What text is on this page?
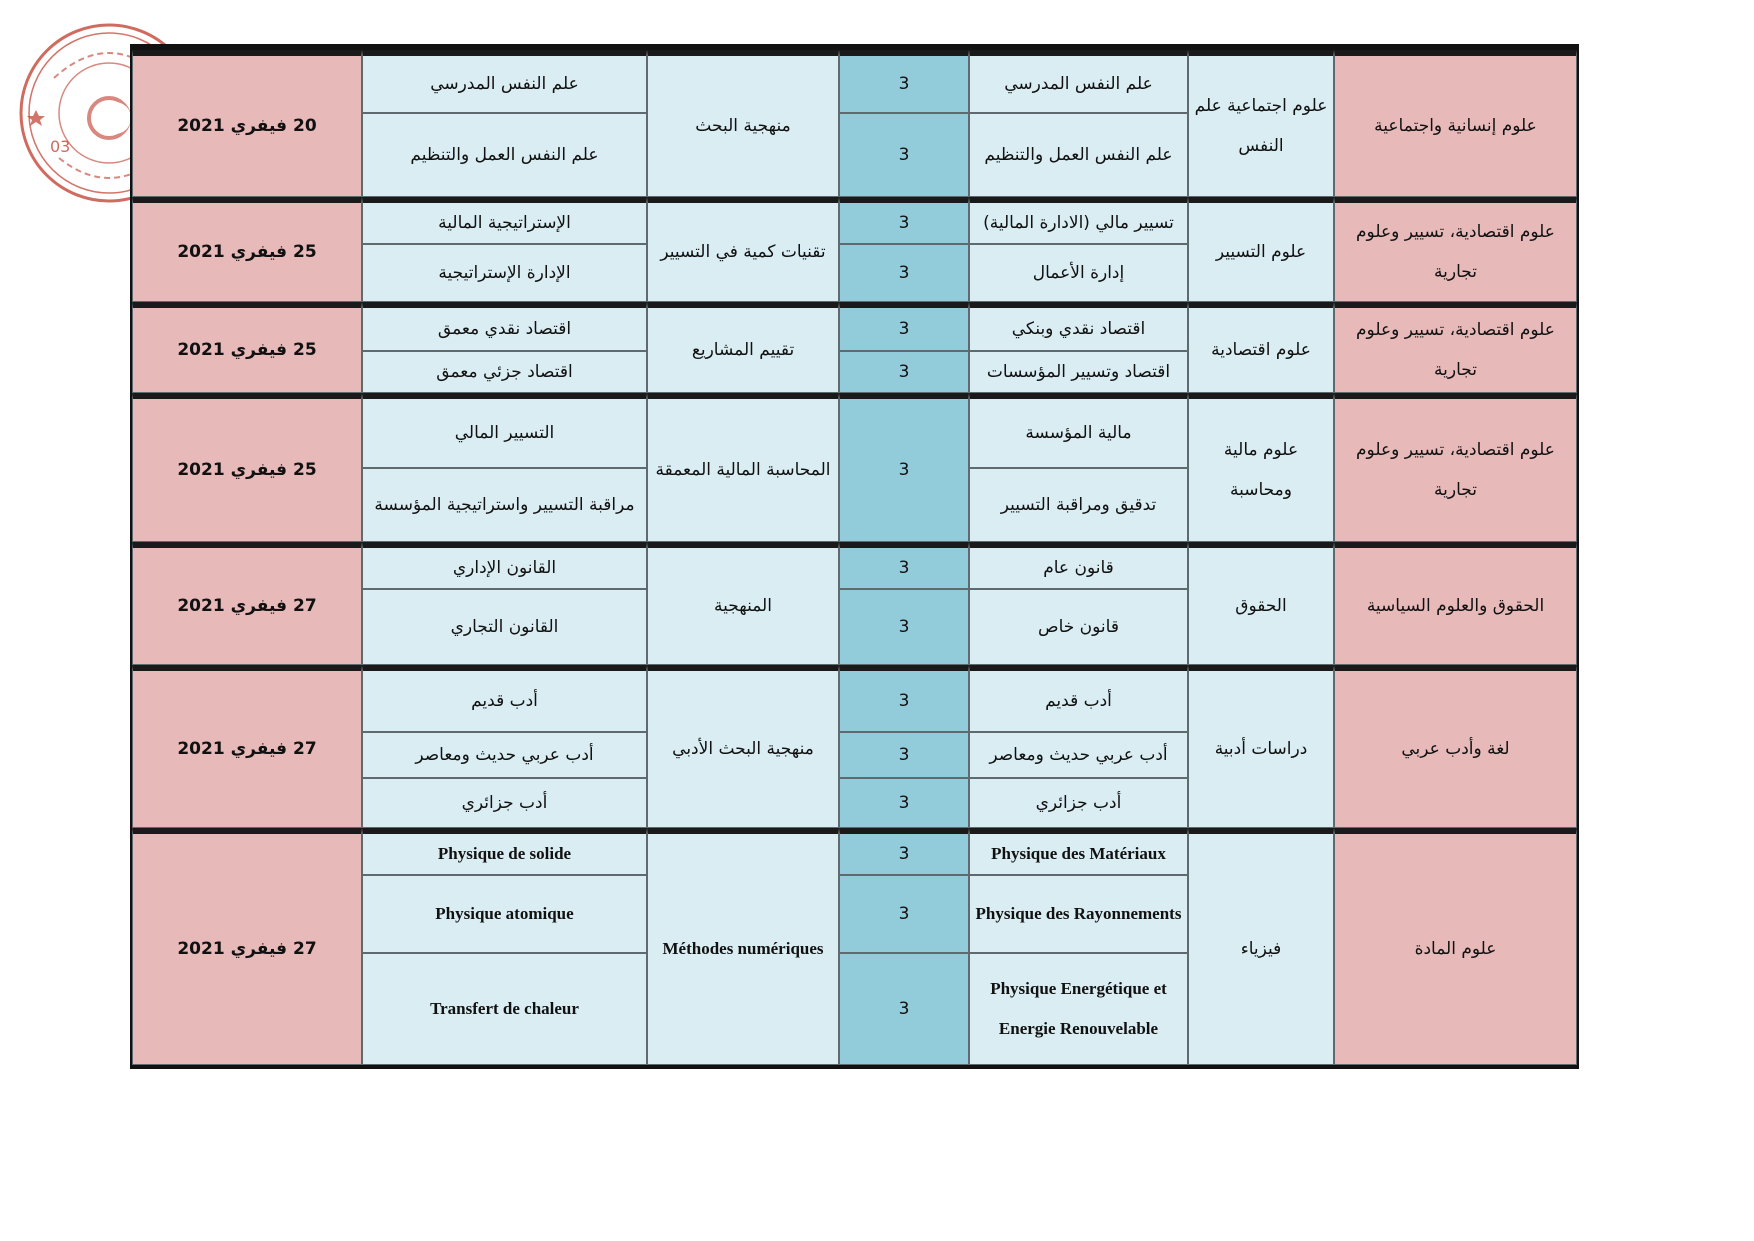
03
علوم إنسانية واجتماعية	علوم اجتماعية علم النفس	علم النفس المدرسي	3	منهجية البحث	علم النفس المدرسي	20 فيفري 2021
		علم النفس العمل والتنظيم	3		علم النفس العمل والتنظيم	
علوم اقتصادية، تسيير وعلوم تجارية	علوم التسيير	تسيير مالي (الادارة المالية)	3	تقنيات كمية في التسيير	الإستراتيجية المالية	25 فيفري 2021
		إدارة الأعمال	3		الإدارة الإستراتيجية	
علوم اقتصادية، تسيير وعلوم تجارية	علوم اقتصادية	اقتصاد نقدي وبنكي	3	تقييم المشاريع	اقتصاد نقدي معمق	25 فيفري 2021
		اقتصاد وتسيير المؤسسات	3		اقتصاد جزئي معمق	
علوم اقتصادية، تسيير وعلوم تجارية	علوم مالية ومحاسبة	مالية المؤسسة	3	المحاسبة المالية المعمقة	التسيير المالي	25 فيفري 2021
		تدقيق ومراقبة التسيير			مراقبة التسيير واستراتيجية المؤسسة	
الحقوق والعلوم السياسية	الحقوق	قانون عام	3	المنهجية	القانون الإداري	27 فيفري 2021
		قانون خاص	3		القانون التجاري	
لغة وأدب عربي	دراسات أدبية	أدب قديم	3	منهجية البحث الأدبي	أدب قديم	27 فيفري 2021
		أدب عربي حديث ومعاصر	3		أدب عربي حديث ومعاصر	
		أدب جزائري	3		أدب جزائري	
علوم المادة	فيزياء	Physique des Matériaux	3	Méthodes numériques	Physique de solide	27 فيفري 2021
		Physique des Rayonnements	3		Physique atomique	
		Physique Energétique et Energie Renouvelable	3		Transfert de chaleur	
